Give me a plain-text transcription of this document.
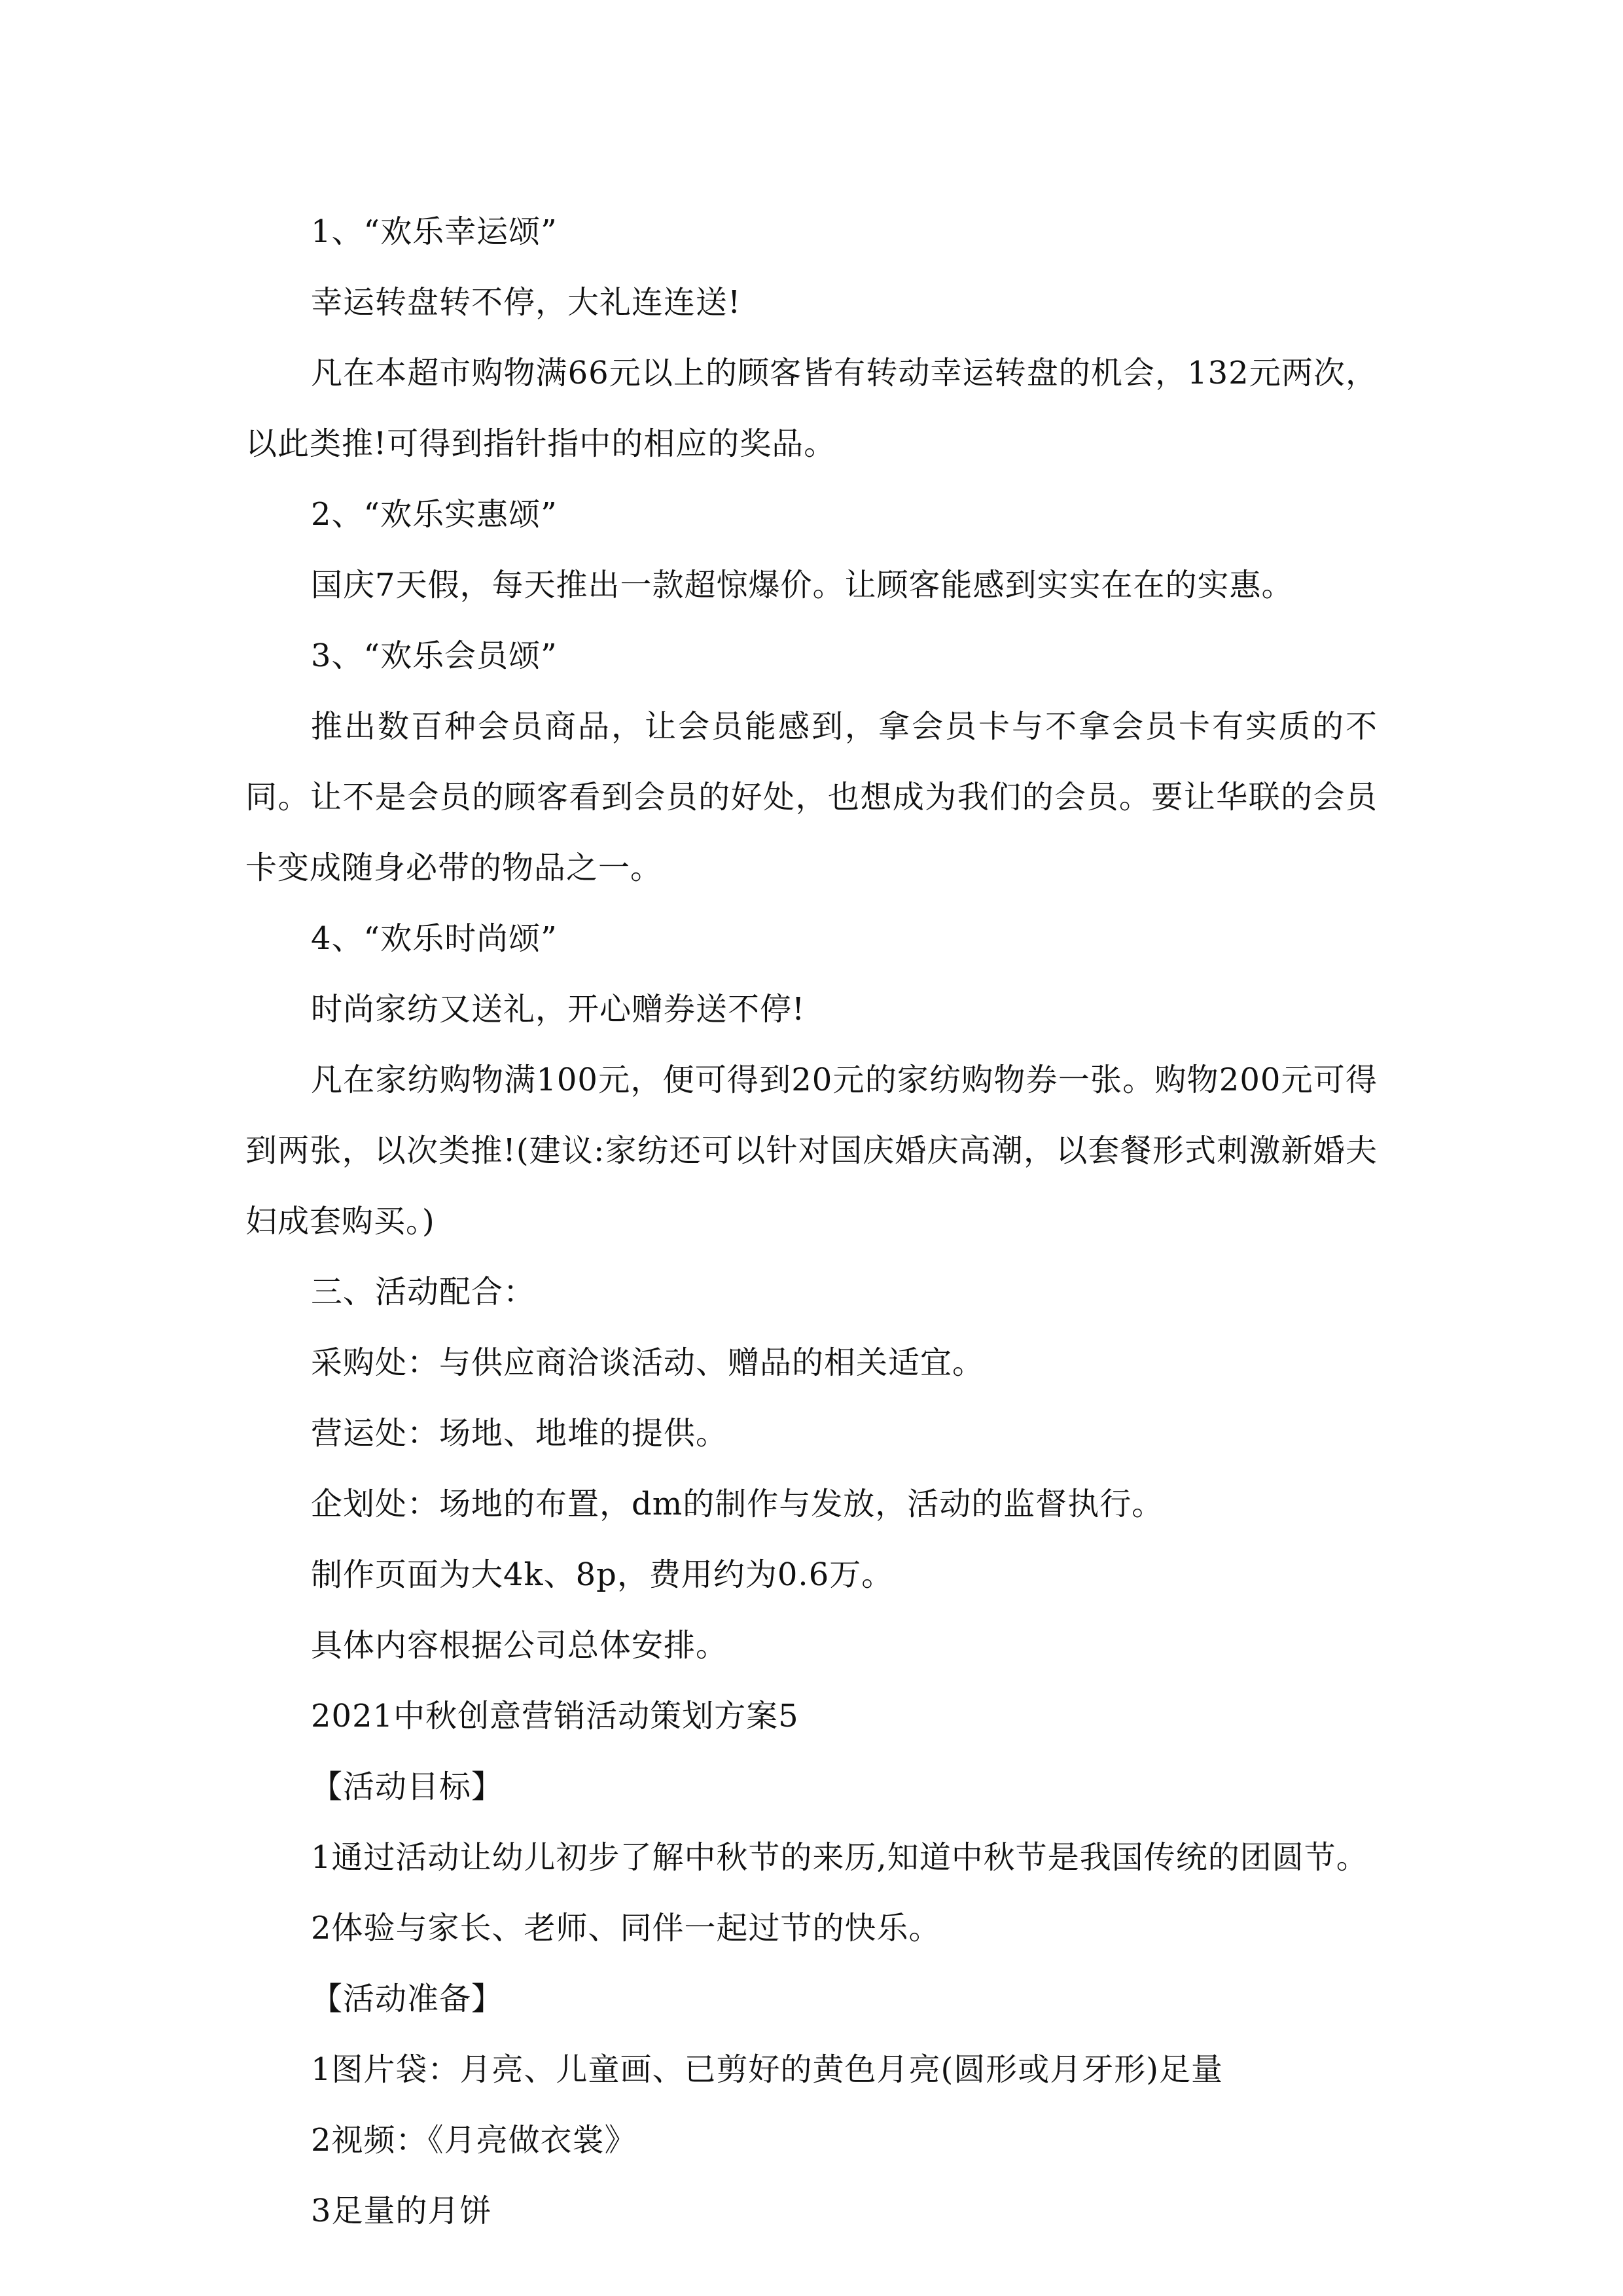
1、“欢乐幸运颂”

幸运转盘转不停，大礼连连送!

凡在本超市购物满66元以上的顾客皆有转动幸运转盘的机会，132元两次，以此类推!可得到指针指中的相应的奖品。

2、“欢乐实惠颂”

国庆7天假，每天推出一款超惊爆价。让顾客能感到实实在在的实惠。

3、“欢乐会员颂”

推出数百种会员商品，让会员能感到，拿会员卡与不拿会员卡有实质的不同。让不是会员的顾客看到会员的好处，也想成为我们的会员。要让华联的会员卡变成随身必带的物品之一。

4、“欢乐时尚颂”

时尚家纺又送礼，开心赠券送不停!

凡在家纺购物满100元，便可得到20元的家纺购物券一张。购物200元可得到两张，以次类推!(建议:家纺还可以针对国庆婚庆高潮，以套餐形式刺激新婚夫妇成套购买。)

三、活动配合：

采购处：与供应商洽谈活动、赠品的相关适宜。

营运处：场地、地堆的提供。

企划处：场地的布置，dm的制作与发放，活动的监督执行。

制作页面为大4k、8p，费用约为0.6万。

具体内容根据公司总体安排。

2021中秋创意营销活动策划方案5

【活动目标】

1通过活动让幼儿初步了解中秋节的来历,知道中秋节是我国传统的团圆节。

2体验与家长、老师、同伴一起过节的快乐。

【活动准备】

1图片袋：月亮、儿童画、已剪好的黄色月亮(圆形或月牙形)足量

2视频：《月亮做衣裳》

3足量的月饼
